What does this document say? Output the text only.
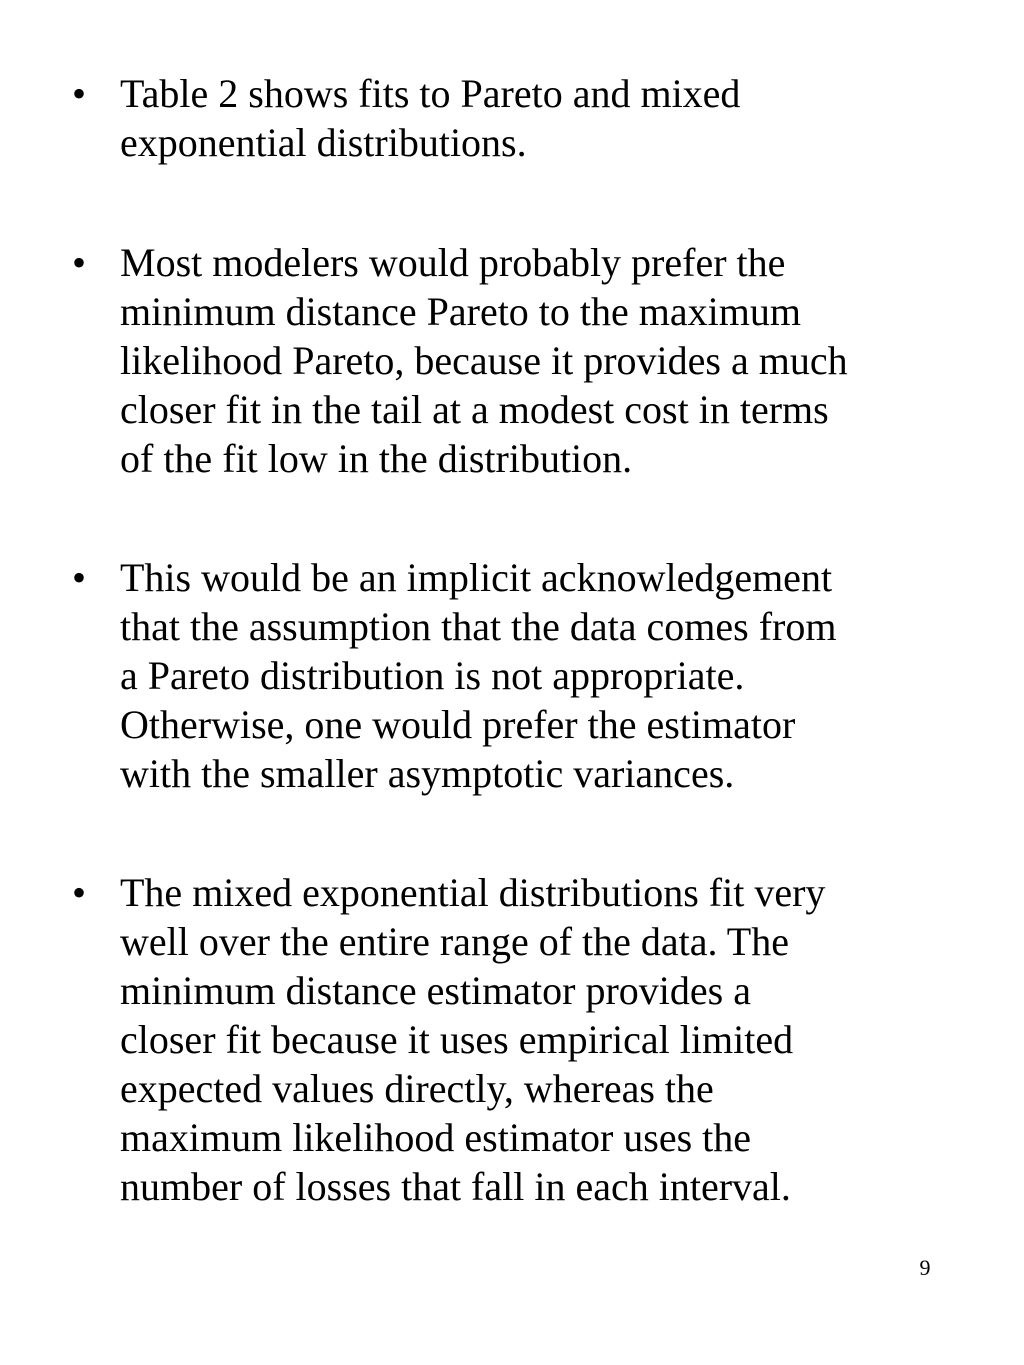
• Table 2 shows fits to Pareto and mixed
exponential distributions.
• Most modelers would probably prefer the
minimum distance Pareto to the maximum
likelihood Pareto, because it provides a much
closer fit in the tail at a modest cost in terms
of the fit low in the distribution.
• This would be an implicit acknowledgement
that the assumption that the data comes from
a Pareto distribution is not appropriate.
Otherwise, one would prefer the estimator
with the smaller asymptotic variances.
• The mixed exponential distributions fit very
well over the entire range of the data. The
minimum distance estimator provides a
closer fit because it uses empirical limited
expected values directly, whereas the
maximum likelihood estimator uses the
number of losses that fall in each interval.
9
